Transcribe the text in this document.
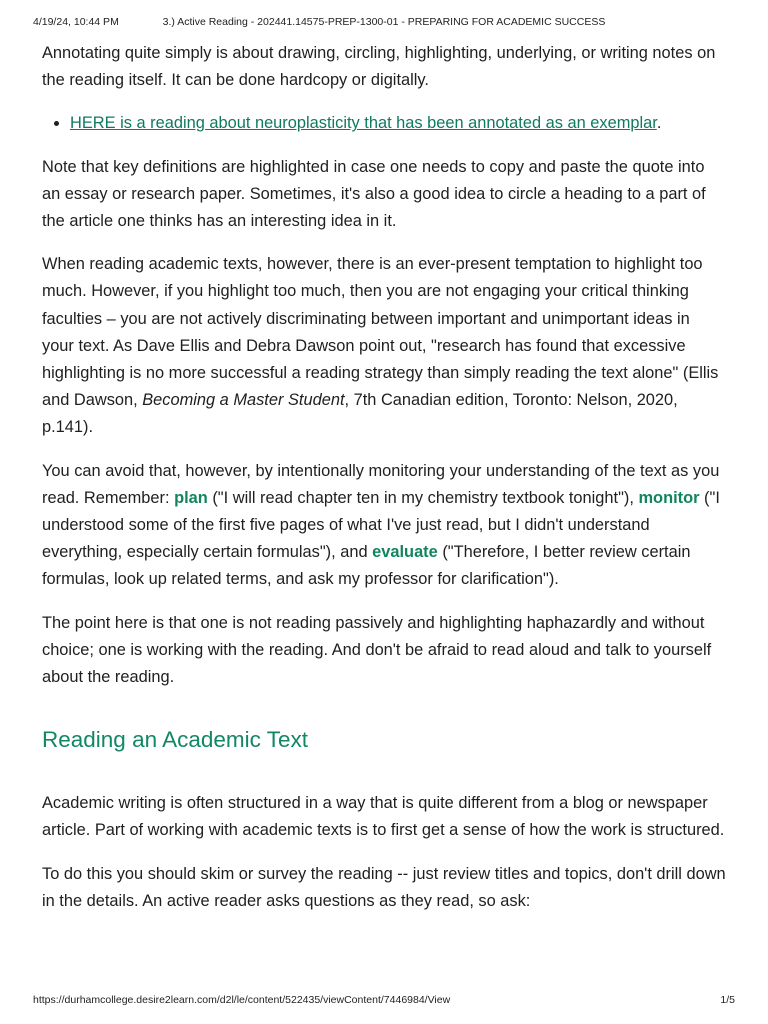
4/19/24, 10:44 PM	3.) Active Reading - 202441.14575-PREP-1300-01 - PREPARING FOR ACADEMIC SUCCESS

Annotating quite simply is about drawing, circling, highlighting, underlying, or writing notes on the reading itself. It can be done hardcopy or digitally.

• HERE is a reading about neuroplasticity that has been annotated as an exemplar.

Note that key definitions are highlighted in case one needs to copy and paste the quote into an essay or research paper. Sometimes, it's also a good idea to circle a heading to a part of the article one thinks has an interesting idea in it.

When reading academic texts, however, there is an ever-present temptation to highlight too much. However, if you highlight too much, then you are not engaging your critical thinking faculties – you are not actively discriminating between important and unimportant ideas in your text. As Dave Ellis and Debra Dawson point out, "research has found that excessive highlighting is no more successful a reading strategy than simply reading the text alone" (Ellis and Dawson, Becoming a Master Student, 7th Canadian edition, Toronto: Nelson, 2020, p.141).

You can avoid that, however, by intentionally monitoring your understanding of the text as you read. Remember: plan ("I will read chapter ten in my chemistry textbook tonight"), monitor ("I understood some of the first five pages of what I've just read, but I didn't understand everything, especially certain formulas"), and evaluate ("Therefore, I better review certain formulas, look up related terms, and ask my professor for clarification").

The point here is that one is not reading passively and highlighting haphazardly and without choice; one is working with the reading. And don't be afraid to read aloud and talk to yourself about the reading.

Reading an Academic Text

Academic writing is often structured in a way that is quite different from a blog or newspaper article. Part of working with academic texts is to first get a sense of how the work is structured.

To do this you should skim or survey the reading -- just review titles and topics, don't drill down in the details. An active reader asks questions as they read, so ask:

https://durhamcollege.desire2learn.com/d2l/le/content/522435/viewContent/7446984/View	1/5
